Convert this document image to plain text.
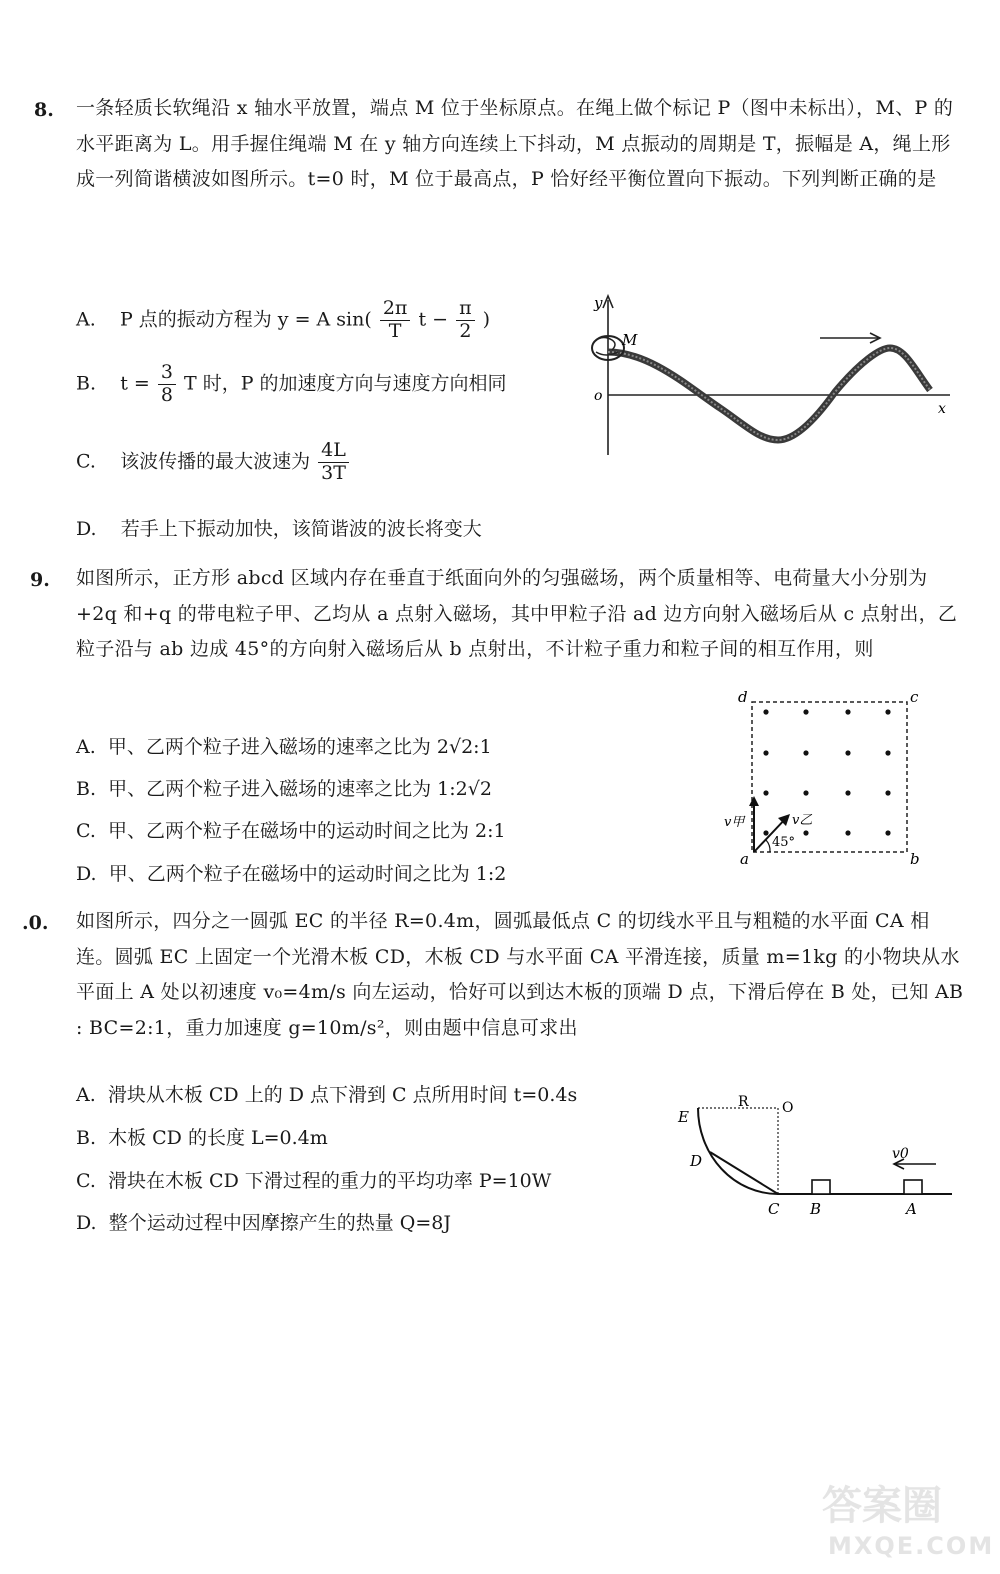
8. 一条轻质长软绳沿 x 轴水平放置，端点 M 位于坐标原点。在绳上做个标记 P（图中未标出），M、P 的水平距离为 L。用手握住绳端 M 在 y 轴方向连续上下抖动，M 点振动的周期是 T，振幅是 A，绳上形成一列简谐横波如图所示。t=0 时，M 位于最高点，P 恰好经平衡位置向下振动。下列判断正确的是
A. P 点的振动方程为 y = A $\sin( \frac{2\pi}{T}$ $t - \frac{\pi}{2}$ )
B. $t = \frac{3}{8}$ T 时，P 的加速度方向与速度方向相同
C. 该波传播的最大波速为 $\frac{4L}{3T}$
D. 若手上下振动加快，该简谐波的波长将变大
y
o
x
M
9. 如图所示，正方形 abcd 区域内存在垂直于纸面向外的匀强磁场，两个质量相等、电荷量大小分别为+2q 和+q 的带电粒子甲、乙均从 a 点射入磁场，其中甲粒子沿 ad 边方向射入磁场后从 c 点射出，乙粒子沿与 ab 边成 45°的方向射入磁场后从 b 点射出，不计粒子重力和粒子间的相互作用，则
A. 甲、乙两个粒子进入磁场的速率之比为 2√2:1
B. 甲、乙两个粒子进入磁场的速率之比为 1:2√2
C. 甲、乙两个粒子在磁场中的运动时间之比为 2:1
D. 甲、乙两个粒子在磁场中的运动时间之比为 1:2
d	c
a	b
v甲	v乙
45°
.0. 如图所示，四分之一圆弧 EC 的半径 R=0.4m，圆弧最低点 C 的切线水平且与粗糙的水平面 CA 相连。圆弧 EC 上固定一个光滑木板 CD，木板 CD 与水平面 CA 平滑连接，质量 m=1kg 的小物块从水平面上 A 处以初速度 v₀=4m/s 向左运动，恰好可以到达木板的顶端 D 点，下滑后停在 B 处，已知 AB : BC=2:1，重力加速度 g=10m/s²，则由题中信息可求出
A. 滑块从木板 CD 上的 D 点下滑到 C 点所用时间 t=0.4s
B. 木板 CD 的长度 L=0.4m
C. 滑块在木板 CD 下滑过程的重力的平均功率 P=10W
D. 整个运动过程中因摩擦产生的热量 Q=8J
E
R O
D
C B	A
v0
答案圈
MXQE.COM
